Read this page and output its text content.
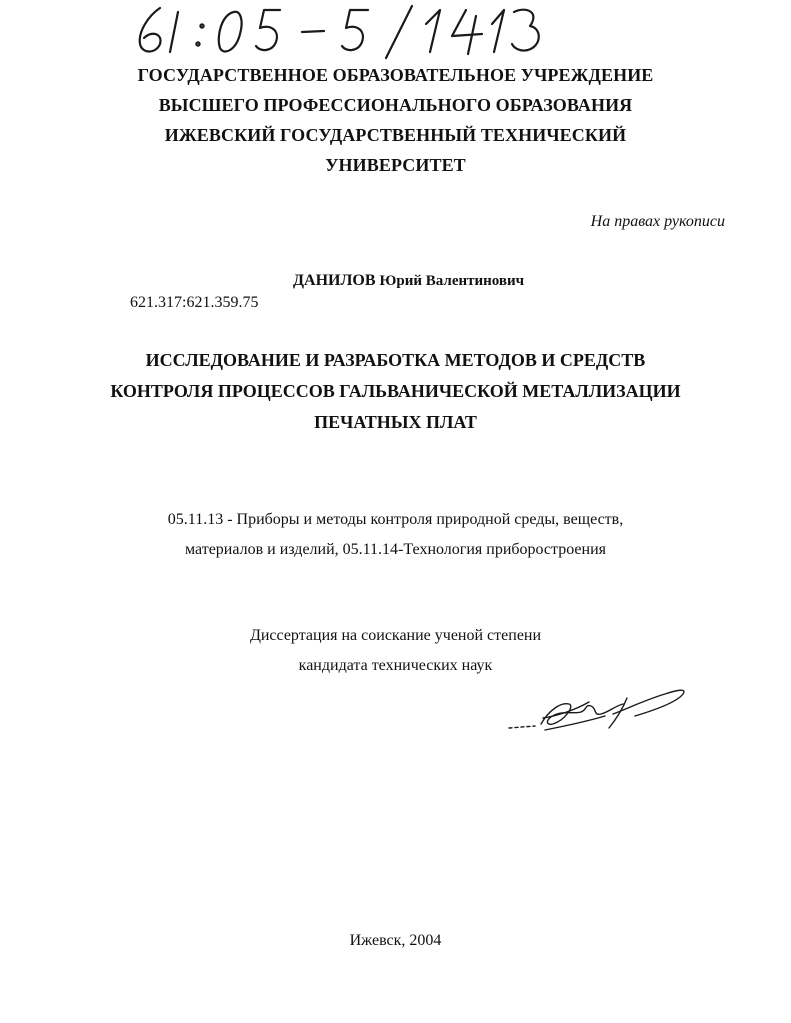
ГОСУДАРСТВЕННОЕ ОБРАЗОВАТЕЛЬНОЕ УЧРЕЖДЕНИЕ
ВЫСШЕГО ПРОФЕССИОНАЛЬНОГО ОБРАЗОВАНИЯ
ИЖЕВСКИЙ ГОСУДАРСТВЕННЫЙ ТЕХНИЧЕСКИЙ
УНИВЕРСИТЕТ
На правах рукописи
ДАНИЛОВ Юрий Валентинович
621.317:621.359.75
ИССЛЕДОВАНИЕ И РАЗРАБОТКА МЕТОДОВ И СРЕДСТВ
КОНТРОЛЯ ПРОЦЕССОВ ГАЛЬВАНИЧЕСКОЙ МЕТАЛЛИЗАЦИИ
ПЕЧАТНЫХ ПЛАТ
05.11.13 - Приборы и методы контроля природной среды, веществ,
материалов и изделий, 05.11.14-Технология приборостроения
Диссертация на соискание ученой степени
кандидата технических наук
Ижевск, 2004
